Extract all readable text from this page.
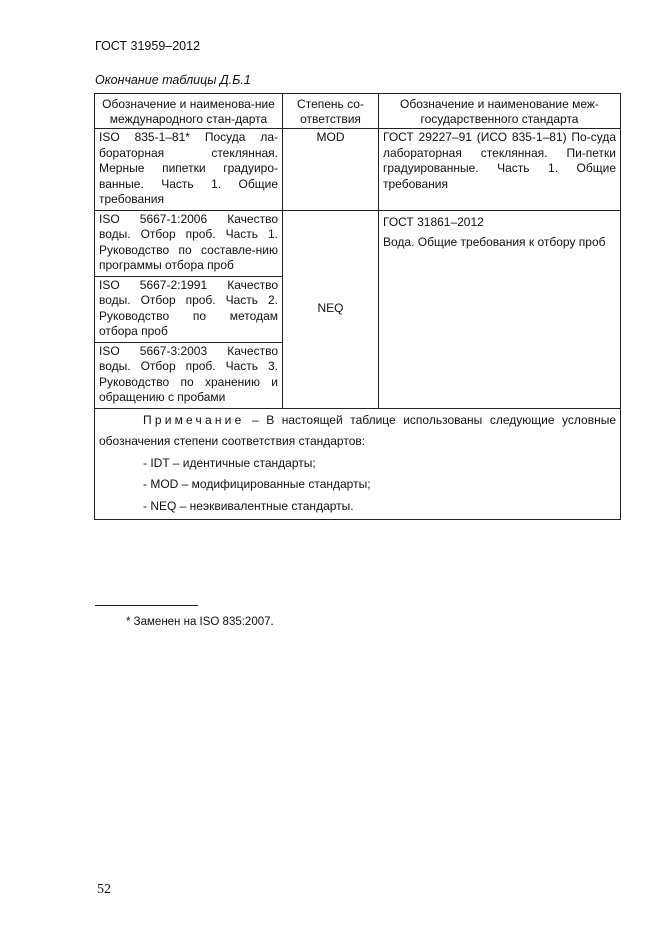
ГОСТ 31959–2012
Окончание таблицы Д.Б.1
Обозначение и наименова-ние международного стан-дарта	Степень со-ответствия	Обозначение и наименование меж-государственного стандарта
ISO 835-1–81* Посуда ла-бораторная стеклянная. Мерные пипетки градуиро-ванные. Часть 1. Общие требования	MOD	ГОСТ 29227–91 (ИСО 835-1–81) По-суда лабораторная стеклянная. Пи-петки градуированные. Часть 1. Общие требования
ISO 5667-1:2006 Качество воды. Отбор проб. Часть 1. Руководство по составле-нию программы отбора проб	NEQ	ГОСТ 31861–2012
Вода. Общие требования к отбору проб

ISO 5667-2:1991 Качество воды. Отбор проб. Часть 2. Руководство по методам отбора проб		
ISO 5667-3:2003 Качество воды. Отбор проб. Часть 3. Руководство по хранению и обращению с пробами		

Примечание – В настоящей таблице использованы следующие условные обозначения степени соответствия стандартов:
- IDT – идентичные стандарты;
- MOD – модифицированные стандарты;
- NEQ – неэквивалентные стандарты.		
* Заменен на ISO 835:2007.
52
